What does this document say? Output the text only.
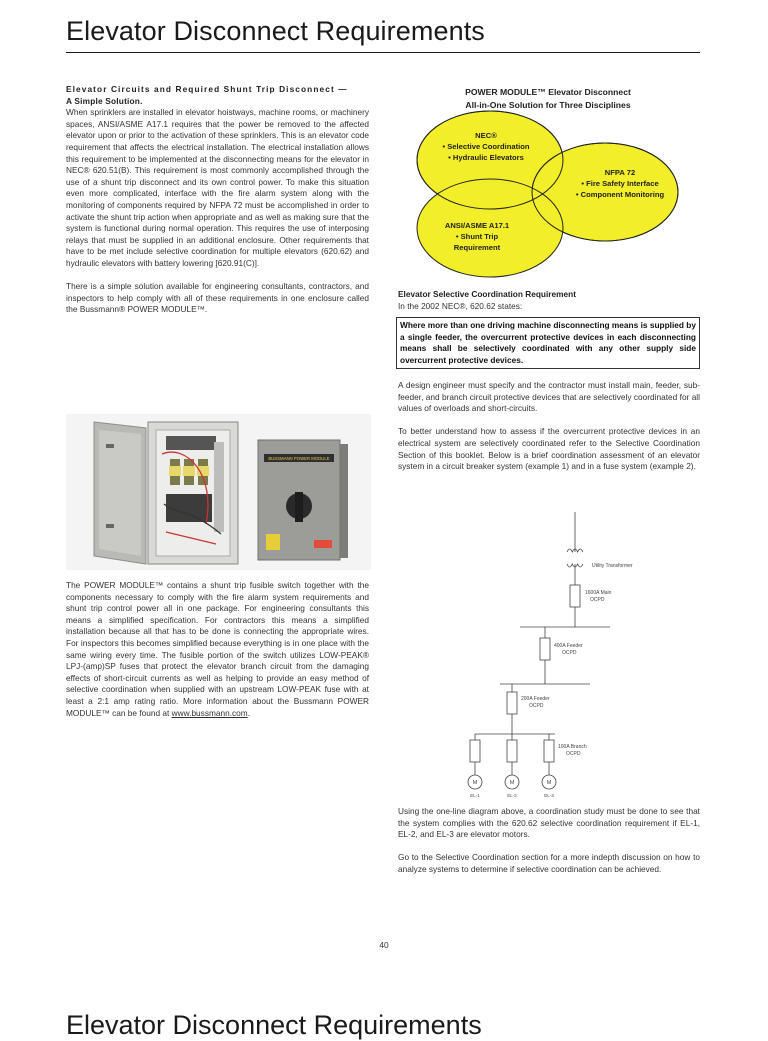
Elevator Disconnect Requirements
Elevator Circuits and Required Shunt Trip Disconnect —
A Simple Solution.

When sprinklers are installed in elevator hoistways, machine rooms, or machinery spaces, ANSI/ASME A17.1 requires that the power be removed to the affected elevator upon or prior to the activation of these sprinklers. This is an elevator code requirement that affects the electrical installation. The electrical installation allows this requirement to be implemented at the disconnecting means for the elevator in NEC® 620.51(B). This requirement is most commonly accomplished through the use of a shunt trip disconnect and its own control power. To make this situation even more complicated, interface with the fire alarm system along with the monitoring of components required by NFPA 72 must be accomplished in order to activate the shunt trip action when appropriate and as well as making sure that the system is functional during normal operation. This requires the use of interposing relays that must be supplied in an additional enclosure. Other requirements that have to be met include selective coordination for multiple elevators (620.62) and hydraulic elevators with battery lowering [620.91(C)].

There is a simple solution available for engineering consultants, contractors, and inspectors to help comply with all of these requirements in one enclosure called the Bussmann® POWER MODULE™.

BUSSMANN POWER MODULE

The POWER MODULE™ contains a shunt trip fusible switch together with the components necessary to comply with the fire alarm system requirements and shunt trip control power all in one package. For engineering consultants this means a simplified specification. For contractors this means a simplified installation because all that has to be done is connecting the appropriate wires. For inspectors this becomes simplified because everything is in one place with the same wiring every time. The fusible portion of the switch utilizes LOW-PEAK® LPJ-(amp)SP fuses that protect the elevator branch circuit from the damaging effects of short-circuit currents as well as helping to provide an easy method of selective coordination when supplied with an upstream LOW-PEAK fuse with at least a 2:1 amp rating ratio. More information about the Bussmann POWER MODULE™ can be found at www.bussmann.com.

POWER MODULE™ Elevator Disconnect
All-in-One Solution for Three Disciplines
NEC®
• Selective Coordination
• Hydraulic Elevators
NFPA 72
• Fire Safety Interface
• Component Monitoring
ANSI/ASME A17.1
• Shunt Trip
Requirement
Elevator Selective Coordination Requirement
In the 2002 NEC®, 620.62 states:
Where more than one driving machine disconnecting means is supplied by a single feeder, the overcurrent protective devices in each disconnecting means shall be selectively coordinated with any other supply side overcurrent protective devices.

A design engineer must specify and the contractor must install main, feeder, sub-feeder, and branch circuit protective devices that are selectively coordinated for all values of overloads and short-circuits.

To better understand how to assess if the overcurrent protective devices in an electrical system are selectively coordinated refer to the Selective Coordination Section of this booklet. Below is a brief coordination assessment of an elevator system in a circuit breaker system (example 1) and in a fuse system (example 2).

Utility Transformer
1600A Main
OCPD
400A Feeder
OCPD
200A Feeder
OCPD
100A Branch
OCPD
M	M	M
EL-1	EL-2	EL-3

Using the one-line diagram above, a coordination study must be done to see that the system complies with the 620.62 selective coordination requirement if EL-1, EL-2, and EL-3 are elevator motors.

Go to the Selective Coordination section for a more indepth discussion on how to analyze systems to determine if selective coordination can be achieved.

40
Elevator Disconnect Requirements
